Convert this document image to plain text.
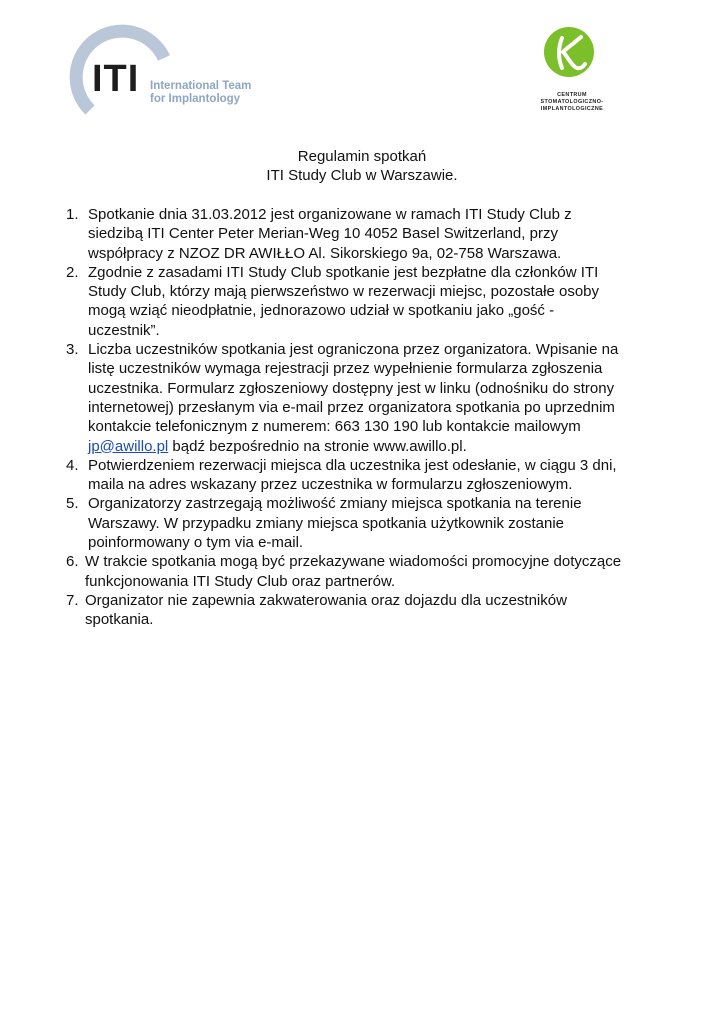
ITI International Team
for Implantology	CENTRUM
STOMATOLOGICZNO-
IMPLANTOLOGICZNE
Regulamin spotkań
ITI Study Club w Warszawie.
1. Spotkanie dnia 31.03.2012 jest organizowane w ramach ITI Study Club z
siedzibą ITI Center Peter Merian-Weg 10 4052 Basel Switzerland, przy
współpracy z NZOZ DR AWIŁŁO Al. Sikorskiego 9a, 02-758 Warszawa.
2. Zgodnie z zasadami ITI Study Club spotkanie jest bezpłatne dla członków ITI
Study Club, którzy mają pierwszeństwo w rezerwacji miejsc, pozostałe osoby
mogą wziąć nieodpłatnie, jednorazowo udział w spotkaniu jako „gość -
uczestnik”.
3. Liczba uczestników spotkania jest ograniczona przez organizatora. Wpisanie na
listę uczestników wymaga rejestracji przez wypełnienie formularza zgłoszenia
uczestnika. Formularz zgłoszeniowy dostępny jest w linku (odnośniku do strony
internetowej) przesłanym via e-mail przez organizatora spotkania po uprzednim
kontakcie telefonicznym z numerem: 663 130 190 lub kontakcie mailowym
jp@awillo.pl bądź bezpośrednio na stronie www.awillo.pl.
4. Potwierdzeniem rezerwacji miejsca dla uczestnika jest odesłanie, w ciągu 3 dni,
maila na adres wskazany przez uczestnika w formularzu zgłoszeniowym.
5. Organizatorzy zastrzegają możliwość zmiany miejsca spotkania na terenie
Warszawy. W przypadku zmiany miejsca spotkania użytkownik zostanie
poinformowany o tym via e-mail.
6. W trakcie spotkania mogą być przekazywane wiadomości promocyjne dotyczące
funkcjonowania ITI Study Club oraz partnerów.
7. Organizator nie zapewnia zakwaterowania oraz dojazdu dla uczestników
spotkania.
